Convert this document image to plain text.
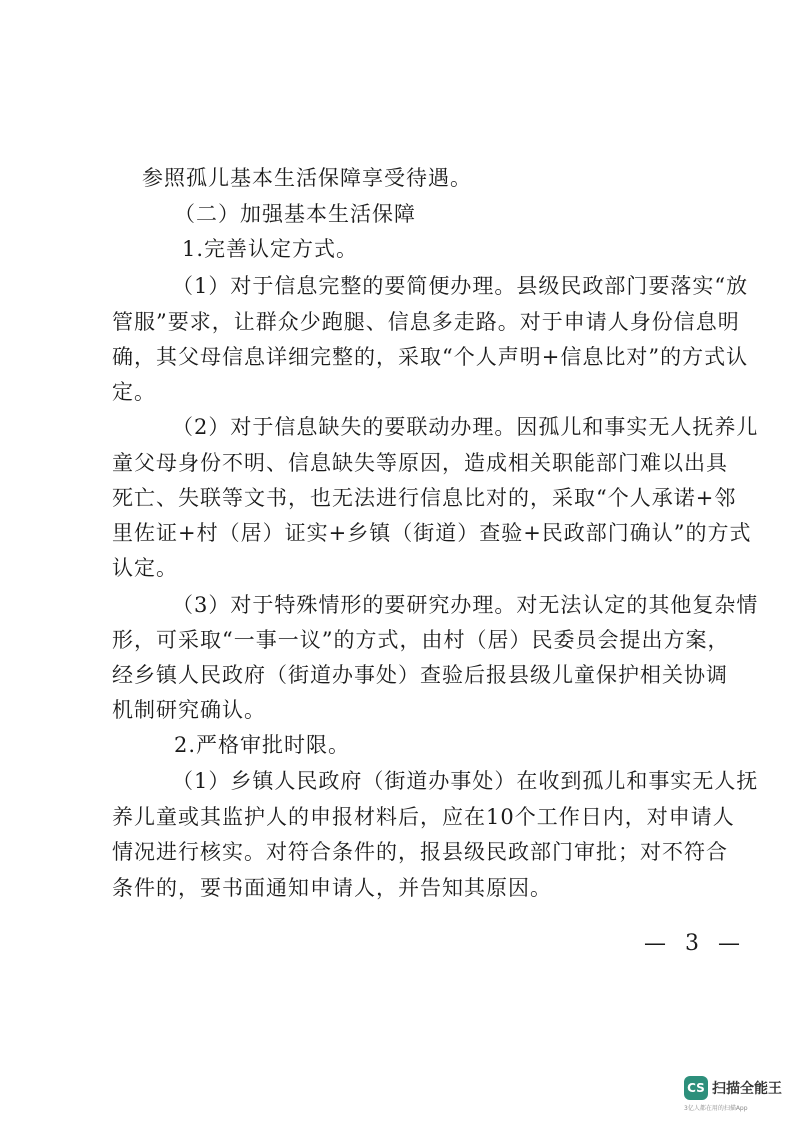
参照孤儿基本生活保障享受待遇。
（二）加强基本生活保障
1.完善认定方式。
（1）对于信息完整的要简便办理。县级民政部门要落实“放
管服”要求，让群众少跑腿、信息多走路。对于申请人身份信息明
确，其父母信息详细完整的，采取“个人声明+信息比对”的方式认
定。
（2）对于信息缺失的要联动办理。因孤儿和事实无人抚养儿
童父母身份不明、信息缺失等原因，造成相关职能部门难以出具
死亡、失联等文书，也无法进行信息比对的，采取“个人承诺+邻
里佐证+村（居）证实+乡镇（街道）查验+民政部门确认”的方式
认定。
（3）对于特殊情形的要研究办理。对无法认定的其他复杂情
形，可采取“一事一议”的方式，由村（居）民委员会提出方案，
经乡镇人民政府（街道办事处）查验后报县级儿童保护相关协调
机制研究确认。
2.严格审批时限。
（1）乡镇人民政府（街道办事处）在收到孤儿和事实无人抚
养儿童或其监护人的申报材料后，应在10个工作日内，对申请人
情况进行核实。对符合条件的，报县级民政部门审批；对不符合
条件的，要书面通知申请人，并告知其原因。
— 3 —
CS 扫描全能王
3亿人都在用的扫描App
